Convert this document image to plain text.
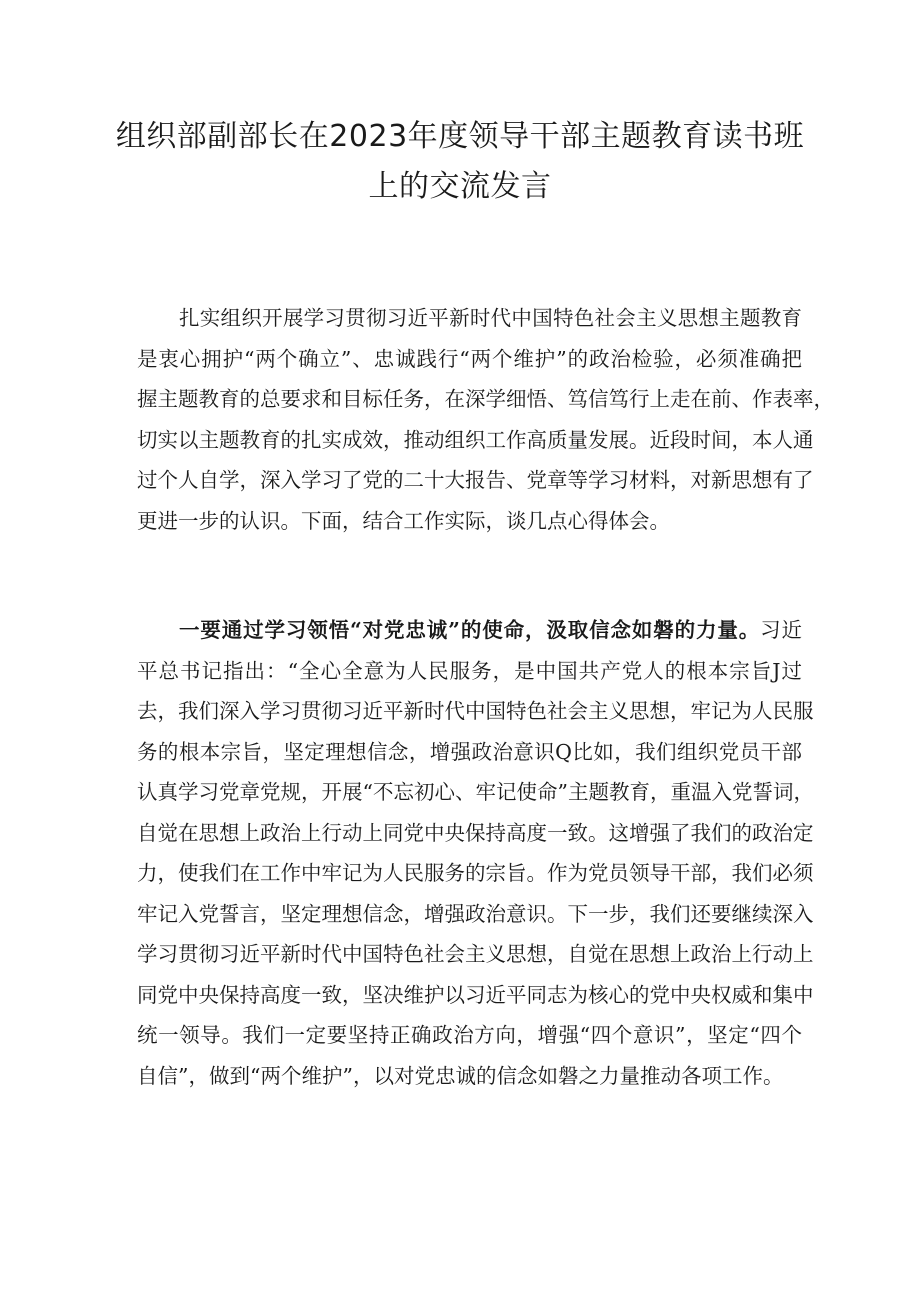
组织部副部长在2023年度领导干部主题教育读书班
上的交流发言
扎实组织开展学习贯彻习近平新时代中国特色社会主义思想主题教育
是衷心拥护“两个确立”、忠诚践行“两个维护”的政治检验，必须准确把
握主题教育的总要求和目标任务，在深学细悟、笃信笃行上走在前、作表率，
切实以主题教育的扎实成效，推动组织工作高质量发展。近段时间，本人通
过个人自学，深入学习了党的二十大报告、党章等学习材料，对新思想有了
更进一步的认识。下面，结合工作实际，谈几点心得体会。
一要通过学习领悟“对党忠诚”的使命，汲取信念如磐的力量。习近
平总书记指出：“全心全意为人民服务，是中国共产党人的根本宗旨J过
去，我们深入学习贯彻习近平新时代中国特色社会主义思想，牢记为人民服
务的根本宗旨，坚定理想信念，增强政治意识Q比如，我们组织党员干部
认真学习党章党规，开展“不忘初心、牢记使命”主题教育，重温入党誓词，
自觉在思想上政治上行动上同党中央保持高度一致。这增强了我们的政治定
力，使我们在工作中牢记为人民服务的宗旨。作为党员领导干部，我们必须
牢记入党誓言，坚定理想信念，增强政治意识。下一步，我们还要继续深入
学习贯彻习近平新时代中国特色社会主义思想，自觉在思想上政治上行动上
同党中央保持高度一致，坚决维护以习近平同志为核心的党中央权威和集中
统一领导。我们一定要坚持正确政治方向，增强“四个意识”，坚定“四个
自信”，做到“两个维护”，以对党忠诚的信念如磐之力量推动各项工作。
